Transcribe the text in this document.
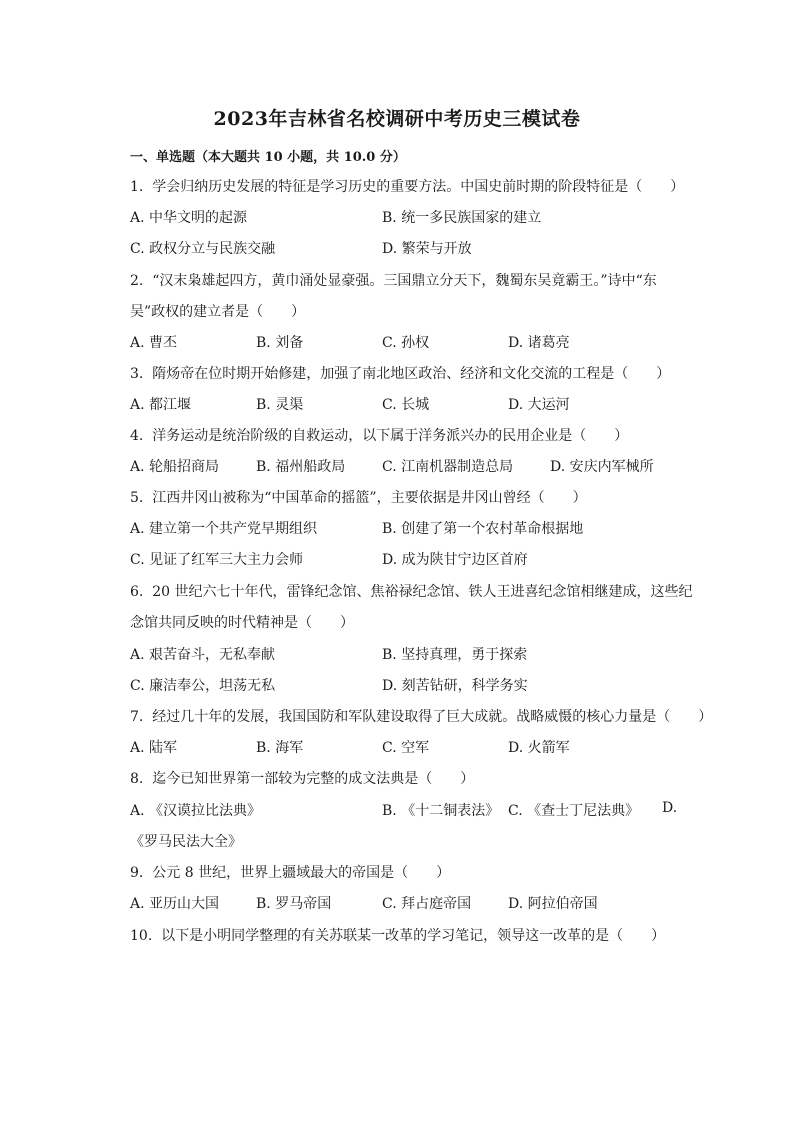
2023年吉林省名校调研中考历史三模试卷
一、单选题（本大题共 10 小题，共 10.0 分）
1. 学会归纳历史发展的特征是学习历史的重要方法。中国史前时期的阶段特征是（　　）
A. 中华文明的起源	B. 统一多民族国家的建立
C. 政权分立与民族交融	D. 繁荣与开放
2. “汉末枭雄起四方，黄巾涌处显豪强。三国鼎立分天下，魏蜀东吴竟霸王。”诗中“东
吴”政权的建立者是（　　）
A. 曹丕	B. 刘备	C. 孙权	D. 诸葛亮
3. 隋炀帝在位时期开始修建，加强了南北地区政治、经济和文化交流的工程是（　　）
A. 都江堰	B. 灵渠	C. 长城	D. 大运河
4. 洋务运动是统治阶级的自救运动，以下属于洋务派兴办的民用企业是（　　）
A. 轮船招商局	B. 福州船政局	C. 江南机器制造总局	D. 安庆内军械所
5. 江西井冈山被称为“中国革命的摇篮”，主要依据是井冈山曾经（　　）
A. 建立第一个共产党早期组织	B. 创建了第一个农村革命根据地
C. 见证了红军三大主力会师	D. 成为陕甘宁边区首府
6. 20 世纪六七十年代，雷锋纪念馆、焦裕禄纪念馆、铁人王进喜纪念馆相继建成，这些纪
念馆共同反映的时代精神是（　　）
A. 艰苦奋斗，无私奉献	B. 坚持真理，勇于探索
C. 廉洁奉公，坦荡无私	D. 刻苦钻研，科学务实
7. 经过几十年的发展，我国国防和军队建设取得了巨大成就。战略威慑的核心力量是（　　）
A. 陆军	B. 海军	C. 空军	D. 火箭军
8. 迄今已知世界第一部较为完整的成文法典是（　　）
A. 《汉谟拉比法典》	B. 《十二铜表法》 C. 《查士丁尼法典》 D.
《罗马民法大全》
9. 公元 8 世纪，世界上疆域最大的帝国是（　　）
A. 亚历山大国	B. 罗马帝国	C. 拜占庭帝国	D. 阿拉伯帝国
10. 以下是小明同学整理的有关苏联某一改革的学习笔记，领导这一改革的是（　　）
